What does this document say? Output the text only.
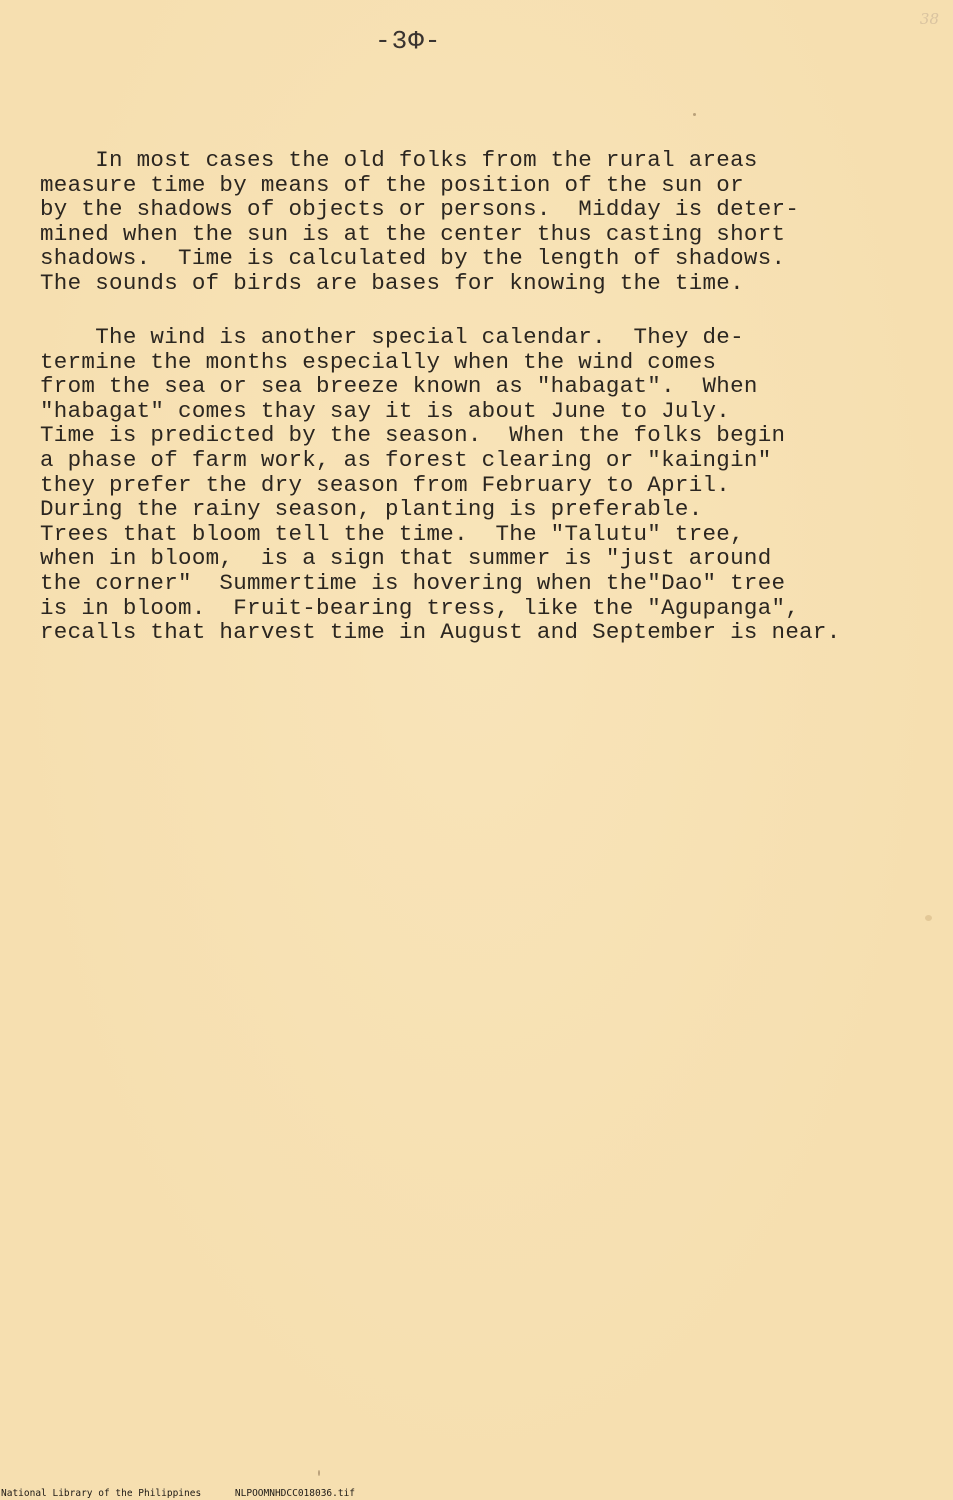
-3Φ-
38
In most cases the old folks from the rural areas
measure time by means of the position of the sun or
by the shadows of objects or persons.  Midday is deter-
mined when the sun is at the center thus casting short
shadows.  Time is calculated by the length of shadows.
The sounds of birds are bases for knowing the time.
The wind is another special calendar.  They de-
termine the months especially when the wind comes
from the sea or sea breeze known as "habagat".  When
"habagat" comes thay say it is about June to July.
Time is predicted by the season.  When the folks begin
a phase of farm work, as forest clearing or "kaingin"
they prefer the dry season from February to April.
During the rainy season, planting is preferable.
Trees that bloom tell the time.  The "Talutu" tree,
when in bloom,  is a sign that summer is "just around
the corner"  Summertime is hovering when the"Dao" tree
is in bloom.  Fruit-bearing tress, like the "Agupanga",
recalls that harvest time in August and September is near.
National Library of the Philippines	NLPOOMNHDCC018036.tif
